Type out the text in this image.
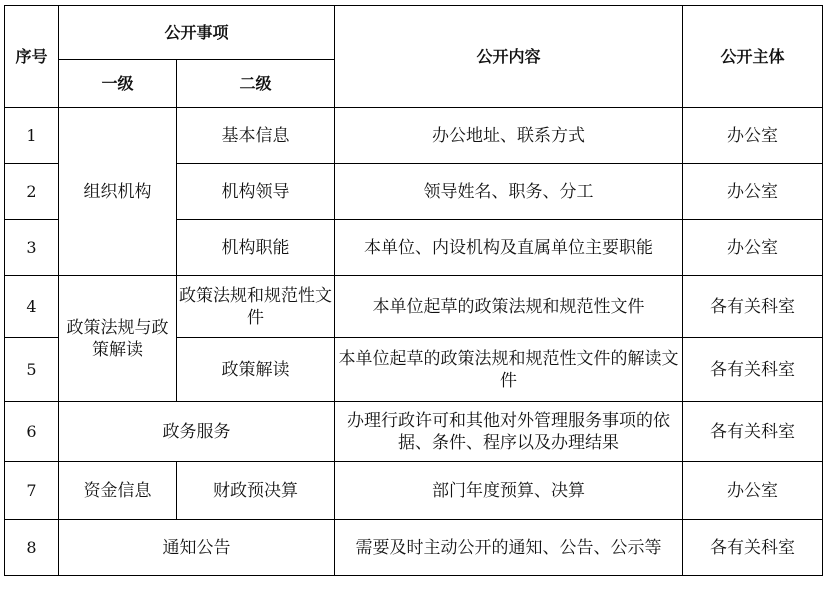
序号	公开事项		公开内容	公开主体
	一级	二级		
1	组织机构	基本信息	办公地址、联系方式	办公室
2		机构领导	领导姓名、职务、分工	办公室
3		机构职能	本单位、内设机构及直属单位主要职能	办公室
4	政策法规与政策解读	政策法规和规范性文件	本单位起草的政策法规和规范性文件	各有关科室
5		政策解读	本单位起草的政策法规和规范性文件的解读文件	各有关科室
6	政务服务		办理行政许可和其他对外管理服务事项的依据、条件、程序以及办理结果	各有关科室
7	资金信息	财政预决算	部门年度预算、决算	办公室
8	通知公告		需要及时主动公开的通知、公告、公示等	各有关科室
